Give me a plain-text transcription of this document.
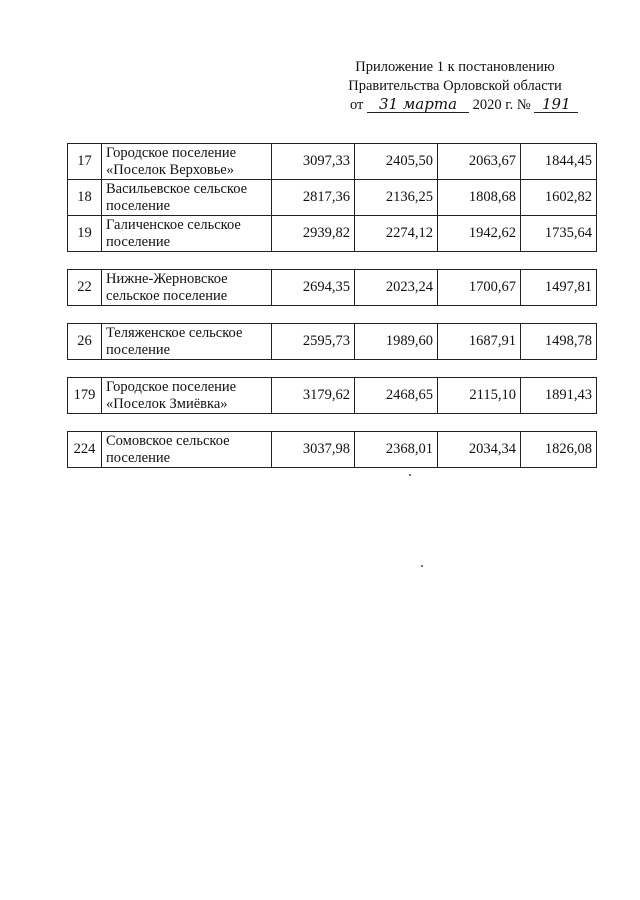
Приложение 1 к постановлению
Правительства Орловской области
от 31 марта 2020 г. № 191
17	Городское поселение «Поселок Верховье»	3097,33	2405,50	2063,67	1844,45
18	Васильевское сельское поселение	2817,36	2136,25	1808,68	1602,82
19	Галиченское сельское поселение	2939,82	2274,12	1942,62	1735,64
22	Нижне-Жерновское сельское поселение	2694,35	2023,24	1700,67	1497,81
26	Теляженское сельское поселение	2595,73	1989,60	1687,91	1498,78
179	Городское поселение «Поселок Змиёвка»	3179,62	2468,65	2115,10	1891,43
224	Сомовское сельское поселение	3037,98	2368,01	2034,34	1826,08
